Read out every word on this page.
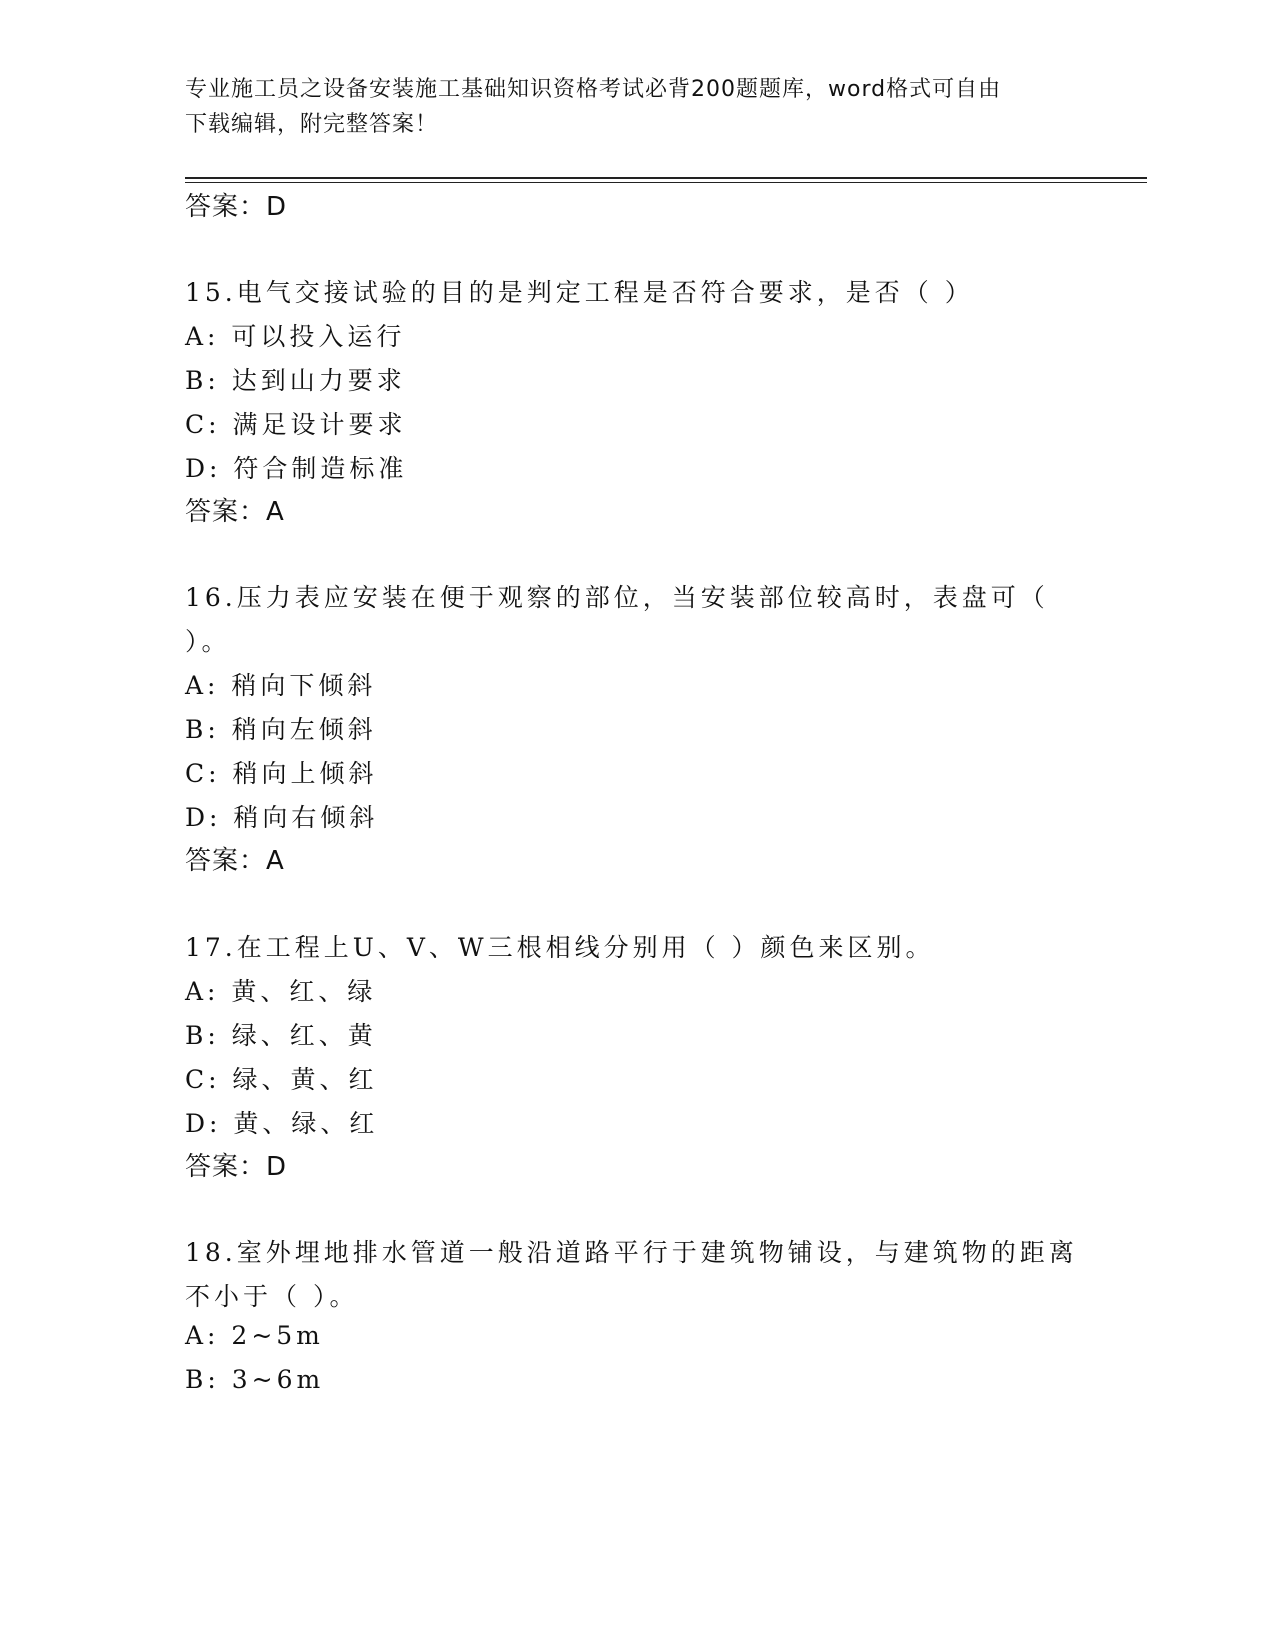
专业施工员之设备安装施工基础知识资格考试必背200题题库，word格式可自由
下载编辑，附完整答案！
答案：D
15.电气交接试验的目的是判定工程是否符合要求，是否（ ）
A: 可以投入运行
B: 达到山力要求
C: 满足设计要求
D: 符合制造标准
答案：A
16.压力表应安装在便于观察的部位，当安装部位较高时，表盘可（
）。
A: 稍向下倾斜
B: 稍向左倾斜
C: 稍向上倾斜
D: 稍向右倾斜
答案：A
17.在工程上U、V、W三根相线分别用（ ）颜色来区别。
A: 黄、红、绿
B: 绿、红、黄
C: 绿、黄、红
D: 黄、绿、红
答案：D
18.室外埋地排水管道一般沿道路平行于建筑物铺设，与建筑物的距离
不小于（ ）。
A: 2~5m
B: 3~6m
